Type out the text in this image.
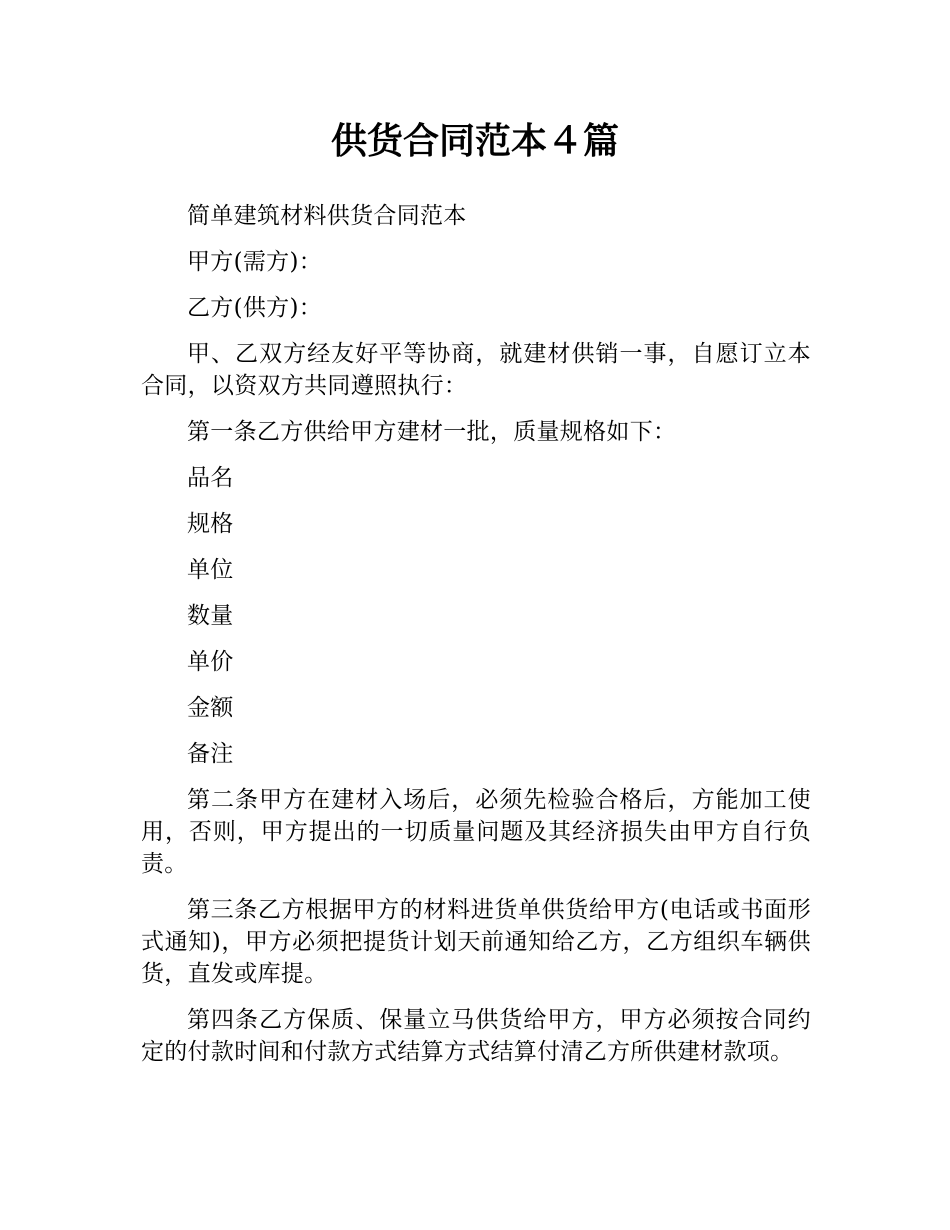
供货合同范本４篇

简单建筑材料供货合同范本

甲方(需方)：

乙方(供方)：

甲、乙双方经友好平等协商，就建材供销一事，自愿订立本合同，以资双方共同遵照执行：

第一条乙方供给甲方建材一批，质量规格如下：

品名

规格

单位

数量

单价

金额

备注

第二条甲方在建材入场后，必须先检验合格后，方能加工使用，否则，甲方提出的一切质量问题及其经济损失由甲方自行负责。

第三条乙方根据甲方的材料进货单供货给甲方(电话或书面形式通知)，甲方必须把提货计划天前通知给乙方，乙方组织车辆供货，直发或库提。

第四条乙方保质、保量立马供货给甲方，甲方必须按合同约定的付款时间和付款方式结算方式结算付清乙方所供建材款项。
